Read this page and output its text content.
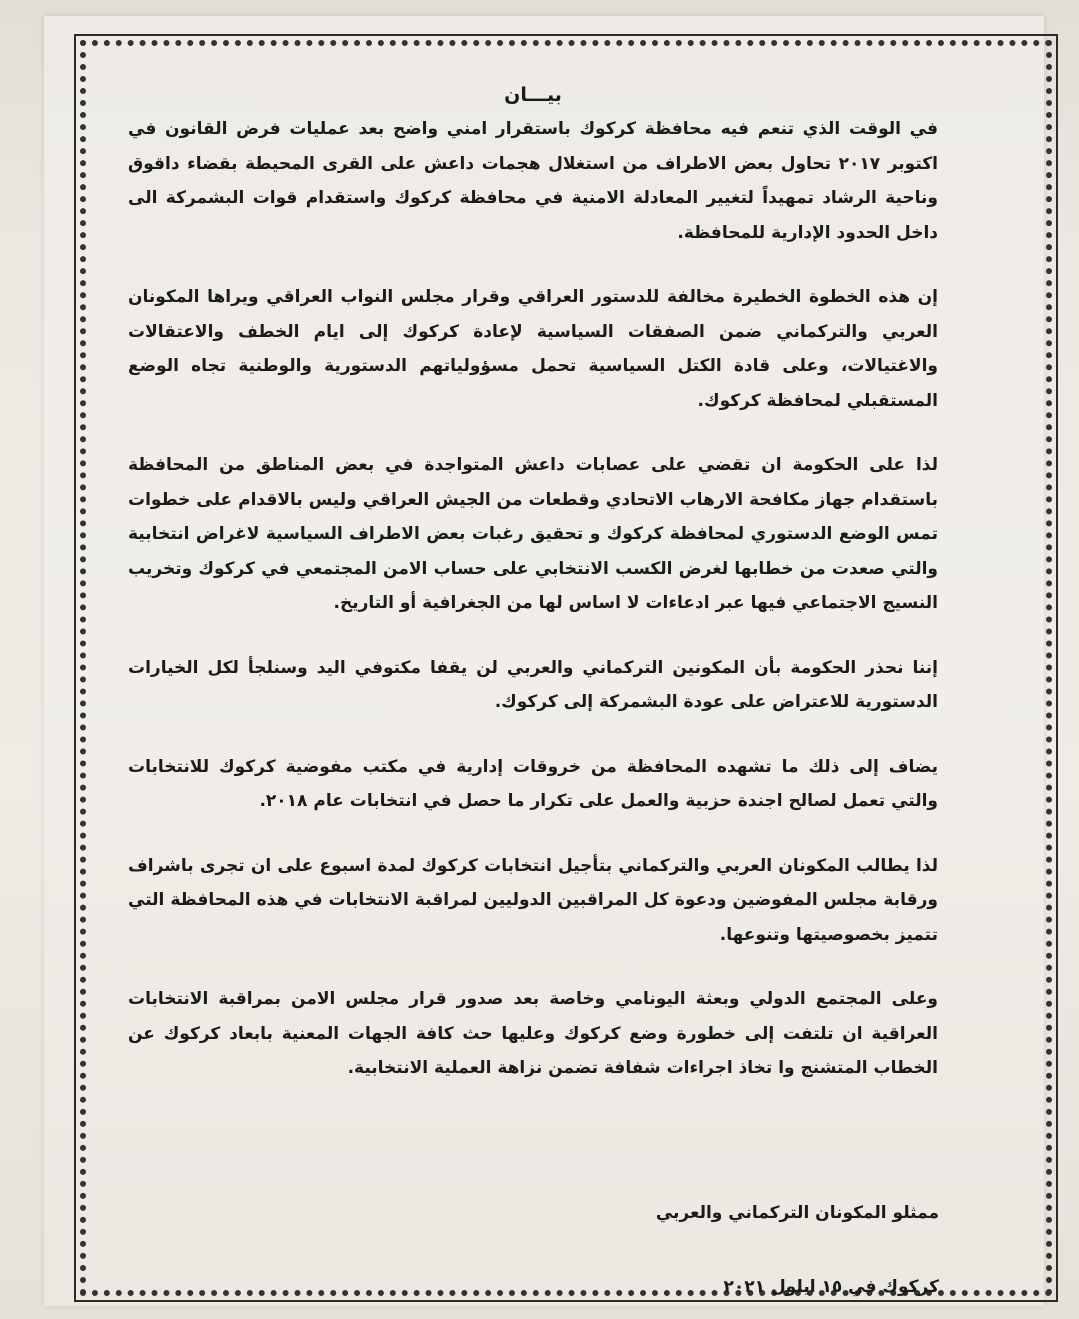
بيـــان

في الوقت الذي تنعم فيه محافظة كركوك باستقرار امني واضح بعد عمليات فرض القانون في اكتوبر ٢٠١٧ تحاول بعض الاطراف من استغلال هجمات داعش على القرى المحيطة بقضاء داقوق وناحية الرشاد تمهيداً لتغيير المعادلة الامنية في محافظة كركوك واستقدام قوات البشمركة الى داخل الحدود الإدارية للمحافظة.

إن هذه الخطوة الخطيرة مخالفة للدستور العراقي وقرار مجلس النواب العراقي ويراها المكونان العربي والتركماني ضمن الصفقات السياسية لإعادة كركوك إلى ايام الخطف والاعتقالات والاغتيالات، وعلى قادة الكتل السياسية تحمل مسؤولياتهم الدستورية والوطنية تجاه الوضع المستقبلي لمحافظة كركوك.

لذا على الحكومة ان تقضي على عصابات داعش المتواجدة في بعض المناطق من المحافظة باستقدام جهاز مكافحة الارهاب الاتحادي وقطعات من الجيش العراقي وليس بالاقدام على خطوات تمس الوضع الدستوري لمحافظة كركوك و تحقيق رغبات بعض الاطراف السياسية لاغراض انتخابية والتي صعدت من خطابها لغرض الكسب الانتخابي على حساب الامن المجتمعي في كركوك وتخريب النسيج الاجتماعي فيها عبر ادعاءات لا اساس لها من الجغرافية أو التاريخ.

إننا نحذر الحكومة بأن المكونين التركماني والعربي لن يقفا مكتوفي اليد وسنلجأ لكل الخيارات الدستورية للاعتراض على عودة البشمركة إلى كركوك.

يضاف إلى ذلك ما تشهده المحافظة من خروقات إدارية في مكتب مفوضية كركوك للانتخابات والتي تعمل لصالح اجندة حزبية والعمل على تكرار ما حصل في انتخابات عام ٢٠١٨.

لذا يطالب المكونان العربي والتركماني بتأجيل انتخابات كركوك لمدة اسبوع على ان تجرى باشراف ورقابة مجلس المفوضين ودعوة كل المراقبين الدوليين لمراقبة الانتخابات في هذه المحافظة التي تتميز بخصوصيتها وتنوعها.

وعلى المجتمع الدولي وبعثة اليونامي وخاصة بعد صدور قرار مجلس الامن بمراقبة الانتخابات العراقية ان تلتفت إلى خطورة وضع كركوك وعليها حث كافة الجهات المعنية بابعاد كركوك عن الخطاب المتشنج وا تخاذ اجراءات شفافة تضمن نزاهة العملية الانتخابية.

ممثلو المكونان التركماني والعربي

كركوك في ١٥ ايلول ٢٠٢١
